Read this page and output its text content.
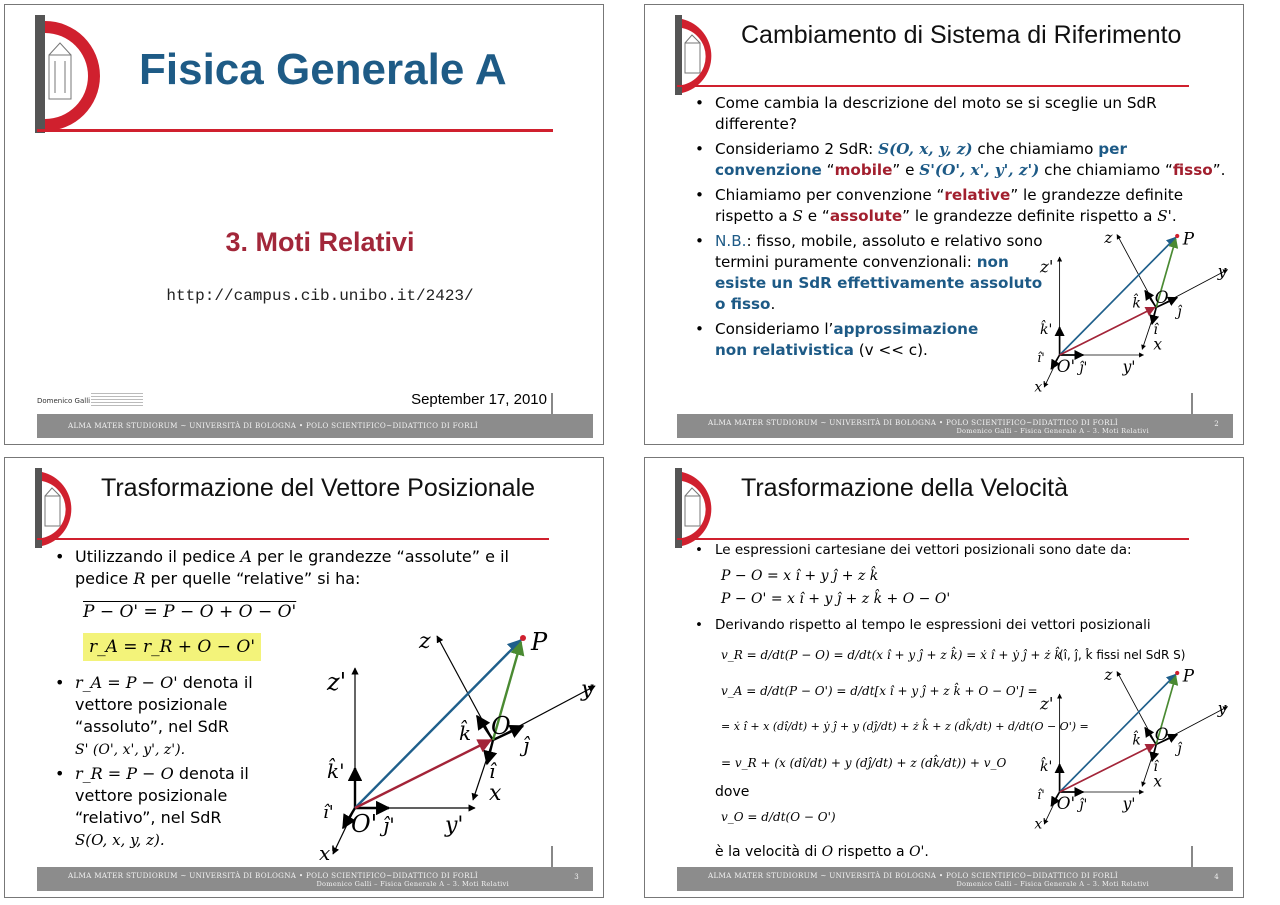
Fisica Generale A
3. Moti Relativi
http://campus.cib.unibo.it/2423/
Domenico Galli	September 17, 2010
ALMA MATER STUDIORUM ~ UNIVERSITÀ DI BOLOGNA • POLO SCIENTIFICO~DIDATTICO DI FORLÌ
Cambiamento di Sistema di Riferimento
• Come cambia la descrizione del moto se si sceglie un SdR differente?
• Consideriamo 2 SdR: S(O, x, y, z) che chiamiamo per convenzione “mobile” e S'(O', x', y', z') che chiamiamo “fisso”.
• Chiamiamo per convenzione “relative” le grandezze definite rispetto a S e “assolute” le grandezze definite rispetto a S'.
• N.B.: fisso, mobile, assoluto e relativo sono termini puramente convenzionali: non esiste un SdR effettivamente assoluto o fisso.
• Consideriamo l’approssimazione non relativistica (v << c).
z	P
z'	y
O
k̂
ĵ
î
x
k̂'
î' O' ĵ' y'
x'
ALMA MATER STUDIORUM ~ UNIVERSITÀ DI BOLOGNA • POLO SCIENTIFICO~DIDATTICO DI FORLÌ
Domenico Galli – Fisica Generale A – 3. Moti Relativi
2
Trasformazione del Vettore Posizionale
• Utilizzando il pedice A per le grandezze “assolute” e il pedice R per quelle “relative” si ha:
P − O' = P − O + O − O'
r_A = r_R + O − O'
• r_A = P − O' denota il vettore posizionale “assoluto”, nel SdR
S' (O', x', y', z').
• r_R = P − O denota il vettore posizionale “relativo”, nel SdR
S(O, x, y, z).
z	P
z'	y
O
k̂	ĵ
î
x
k̂'
î' O' ĵ' y'
x'
ALMA MATER STUDIORUM ~ UNIVERSITÀ DI BOLOGNA • POLO SCIENTIFICO~DIDATTICO DI FORLÌ
Domenico Galli – Fisica Generale A – 3. Moti Relativi
3
Trasformazione della Velocità
• Le espressioni cartesiane dei vettori posizionali sono date da:
P − O = x î + y ĵ + z k̂
P − O' = x î + y ĵ + z k̂ + O − O'
• Derivando rispetto al tempo le espressioni dei vettori posizionali
v_R = d/dt(P − O) = d/dt(x î + y ĵ + z k̂) = ẋ î + ẏ ĵ + ż k̂
(î, ĵ, k̂ fissi nel SdR S)
v_A = d/dt(P − O') = d/dt[x î + y ĵ + z k̂ + O − O'] =
= ẋ î + x (dî/dt) + ẏ ĵ + y (dĵ/dt) + ż k̂ + z (dk̂/dt) + d/dt(O − O') =
= v_R + (x (dî/dt) + y (dĵ/dt) + z (dk̂/dt)) + v_O
dove
v_O = d/dt(O − O')
è la velocità di O rispetto a O'.
z	P
z'	y
O
k̂
ĵ
î
x
k̂'
î' O' ĵ' y'
x'
ALMA MATER STUDIORUM ~ UNIVERSITÀ DI BOLOGNA • POLO SCIENTIFICO~DIDATTICO DI FORLÌ
Domenico Galli – Fisica Generale A – 3. Moti Relativi
4
